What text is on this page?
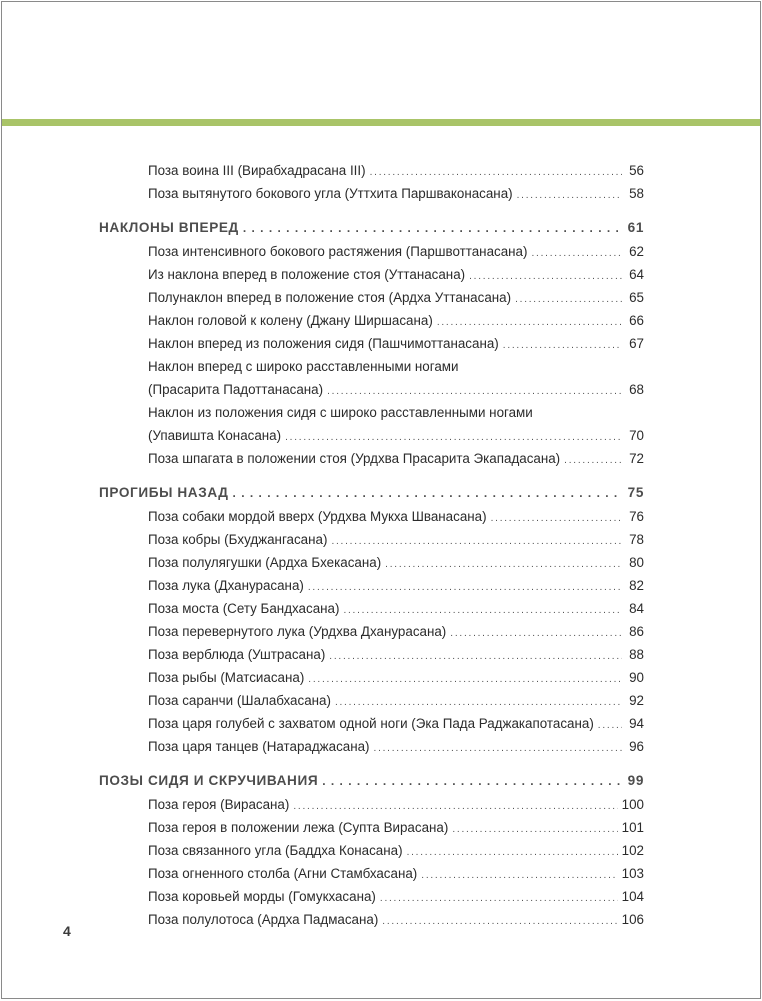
Поза воина III (Вирабхадрасана III) . . .	56
Поза вытянутого бокового угла (Уттхита Паршваконасана) . . .	58
НАКЛОНЫ ВПЕРЕД . . .	61
Поза интенсивного бокового растяжения (Паршвоттанасана) . . .	62
Из наклона вперед в положение стоя (Уттанасана) . . .	64
Полунаклон вперед в положение стоя (Ардха Уттанасана) . . .	65
Наклон головой к колену (Джану Ширшасана) . . .	66
Наклон вперед из положения сидя (Пашчимоттанасана) . . .	67
Наклон вперед с широко расставленными ногами
(Прасарита Падоттанасана) . . .	68
Наклон из положения сидя с широко расставленными ногами
(Упавишта Конасана) . . .	70
Поза шпагата в положении стоя (Урдхва Прасарита Экападасана) . . .	72
ПРОГИБЫ НАЗАД . . .	75
Поза собаки мордой вверх (Урдхва Мукха Шванасана) . . .	76
Поза кобры (Бхуджангасана) . . .	78
Поза полулягушки (Ардха Бхекасана) . . .	80
Поза лука (Дханурасана) . . .	82
Поза моста (Сету Бандхасана) . . .	84
Поза перевернутого лука (Урдхва Дханурасана) . . .	86
Поза верблюда (Уштрасана) . . .	88
Поза рыбы (Матсиасана) . . .	90
Поза саранчи (Шалабхасана) . . .	92
Поза царя голубей с захватом одной ноги (Эка Пада Раджакапотасана) . . .	94
Поза царя танцев (Натараджасана) . . .	96
ПОЗЫ СИДЯ И СКРУЧИВАНИЯ . . .	99
Поза героя (Вирасана) . . .	100
Поза героя в положении лежа (Супта Вирасана) . . .	101
Поза связанного угла (Баддха Конасана) . . .	102
Поза огненного столба (Агни Стамбхасана) . . .	103
Поза коровьей морды (Гомукхасана) . . .	104
Поза полулотоса (Ардха Падмасана) . . .	106
4
